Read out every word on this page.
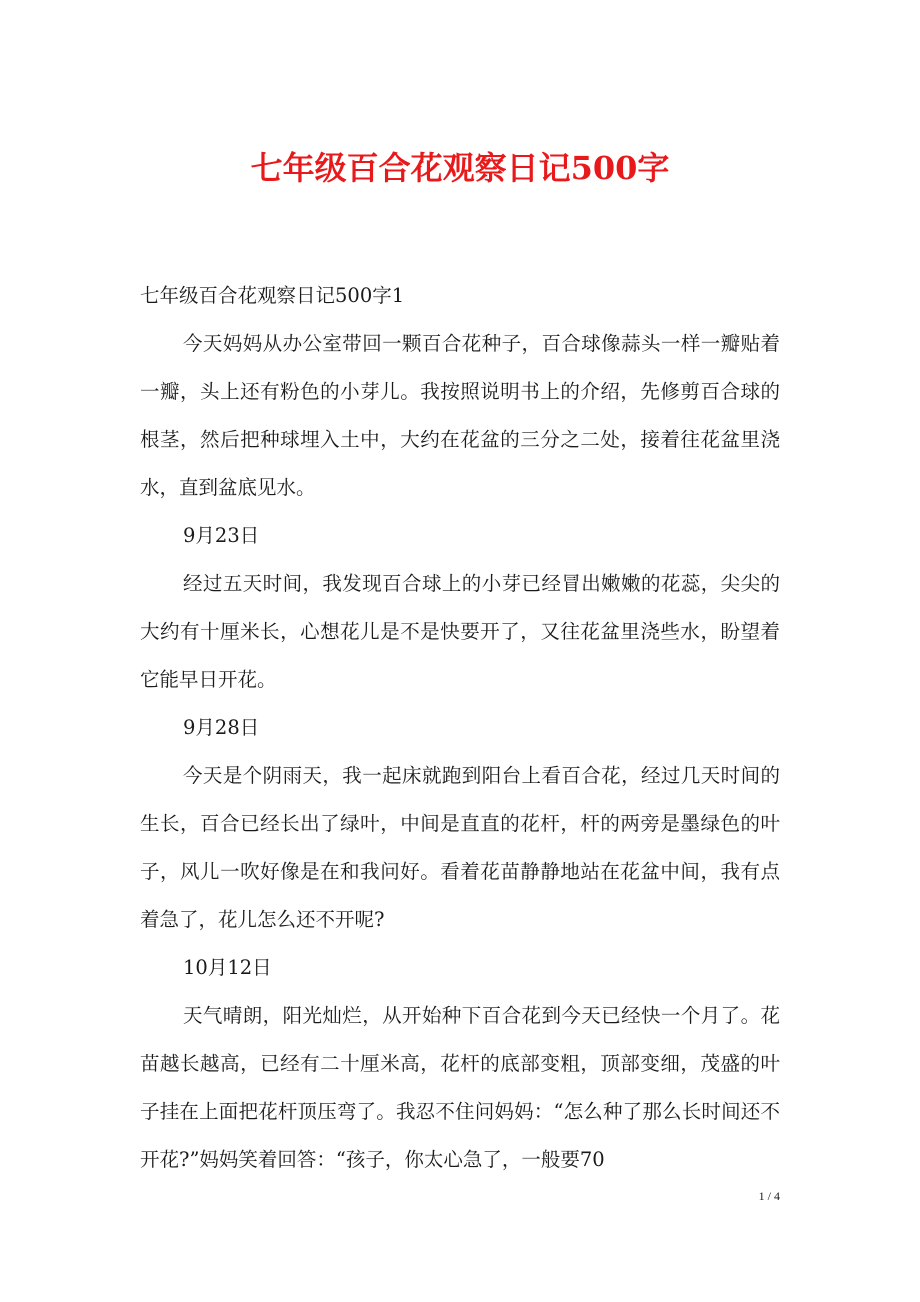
七年级百合花观察日记500字

七年级百合花观察日记500字1

今天妈妈从办公室带回一颗百合花种子，百合球像蒜头一样一瓣贴着一瓣，头上还有粉色的小芽儿。我按照说明书上的介绍，先修剪百合球的根茎，然后把种球埋入土中，大约在花盆的三分之二处，接着往花盆里浇水，直到盆底见水。

9月23日

经过五天时间，我发现百合球上的小芽已经冒出嫩嫩的花蕊，尖尖的大约有十厘米长，心想花儿是不是快要开了，又往花盆里浇些水，盼望着它能早日开花。

9月28日

今天是个阴雨天，我一起床就跑到阳台上看百合花，经过几天时间的生长，百合已经长出了绿叶，中间是直直的花杆，杆的两旁是墨绿色的叶子，风儿一吹好像是在和我问好。看着花苗静静地站在花盆中间，我有点着急了，花儿怎么还不开呢?

10月12日

天气晴朗，阳光灿烂，从开始种下百合花到今天已经快一个月了。花苗越长越高，已经有二十厘米高，花杆的底部变粗，顶部变细，茂盛的叶子挂在上面把花杆顶压弯了。我忍不住问妈妈：“怎么种了那么长时间还不开花?”妈妈笑着回答：“孩子，你太心急了，一般要70

1 / 4
